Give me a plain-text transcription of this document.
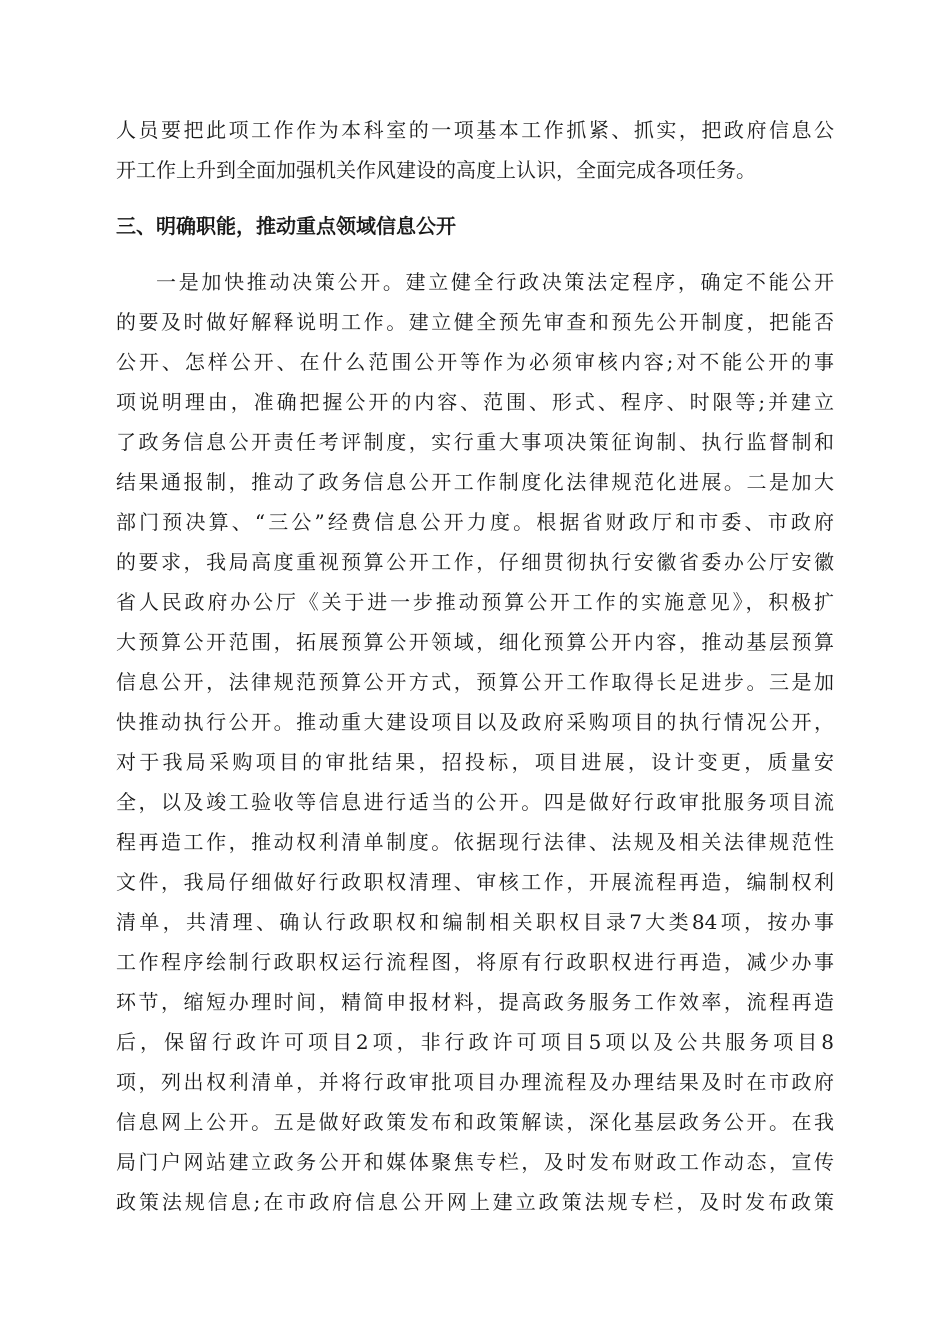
人员要把此项工作作为本科室的一项基本工作抓紧、抓实，把政府信息公
开工作上升到全面加强机关作风建设的高度上认识，全面完成各项任务。
三、明确职能，推动重点领域信息公开
一是加快推动决策公开。建立健全行政决策法定程序，确定不能公开
的要及时做好解释说明工作。建立健全预先审查和预先公开制度，把能否
公开、怎样公开、在什么范围公开等作为必须审核内容;对不能公开的事
项说明理由，准确把握公开的内容、范围、形式、程序、时限等;并建立
了政务信息公开责任考评制度，实行重大事项决策征询制、执行监督制和
结果通报制，推动了政务信息公开工作制度化法律规范化进展。二是加大
部门预决算、“三公”经费信息公开力度。根据省财政厅和市委、市政府
的要求，我局高度重视预算公开工作，仔细贯彻执行安徽省委办公厅安徽
省人民政府办公厅《关于进一步推动预算公开工作的实施意见》，积极扩
大预算公开范围，拓展预算公开领域，细化预算公开内容，推动基层预算
信息公开，法律规范预算公开方式，预算公开工作取得长足进步。三是加
快推动执行公开。推动重大建设项目以及政府采购项目的执行情况公开，
对于我局采购项目的审批结果，招投标，项目进展，设计变更，质量安
全，以及竣工验收等信息进行适当的公开。四是做好行政审批服务项目流
程再造工作，推动权利清单制度。依据现行法律、法规及相关法律规范性
文件，我局仔细做好行政职权清理、审核工作，开展流程再造，编制权利
清单，共清理、确认行政职权和编制相关职权目录7大类84项，按办事
工作程序绘制行政职权运行流程图，将原有行政职权进行再造，减少办事
环节，缩短办理时间，精简申报材料，提高政务服务工作效率，流程再造
后，保留行政许可项目2项，非行政许可项目5项以及公共服务项目8
项，列出权利清单，并将行政审批项目办理流程及办理结果及时在市政府
信息网上公开。五是做好政策发布和政策解读，深化基层政务公开。在我
局门户网站建立政务公开和媒体聚焦专栏，及时发布财政工作动态，宣传
政策法规信息;在市政府信息公开网上建立政策法规专栏，及时发布政策
